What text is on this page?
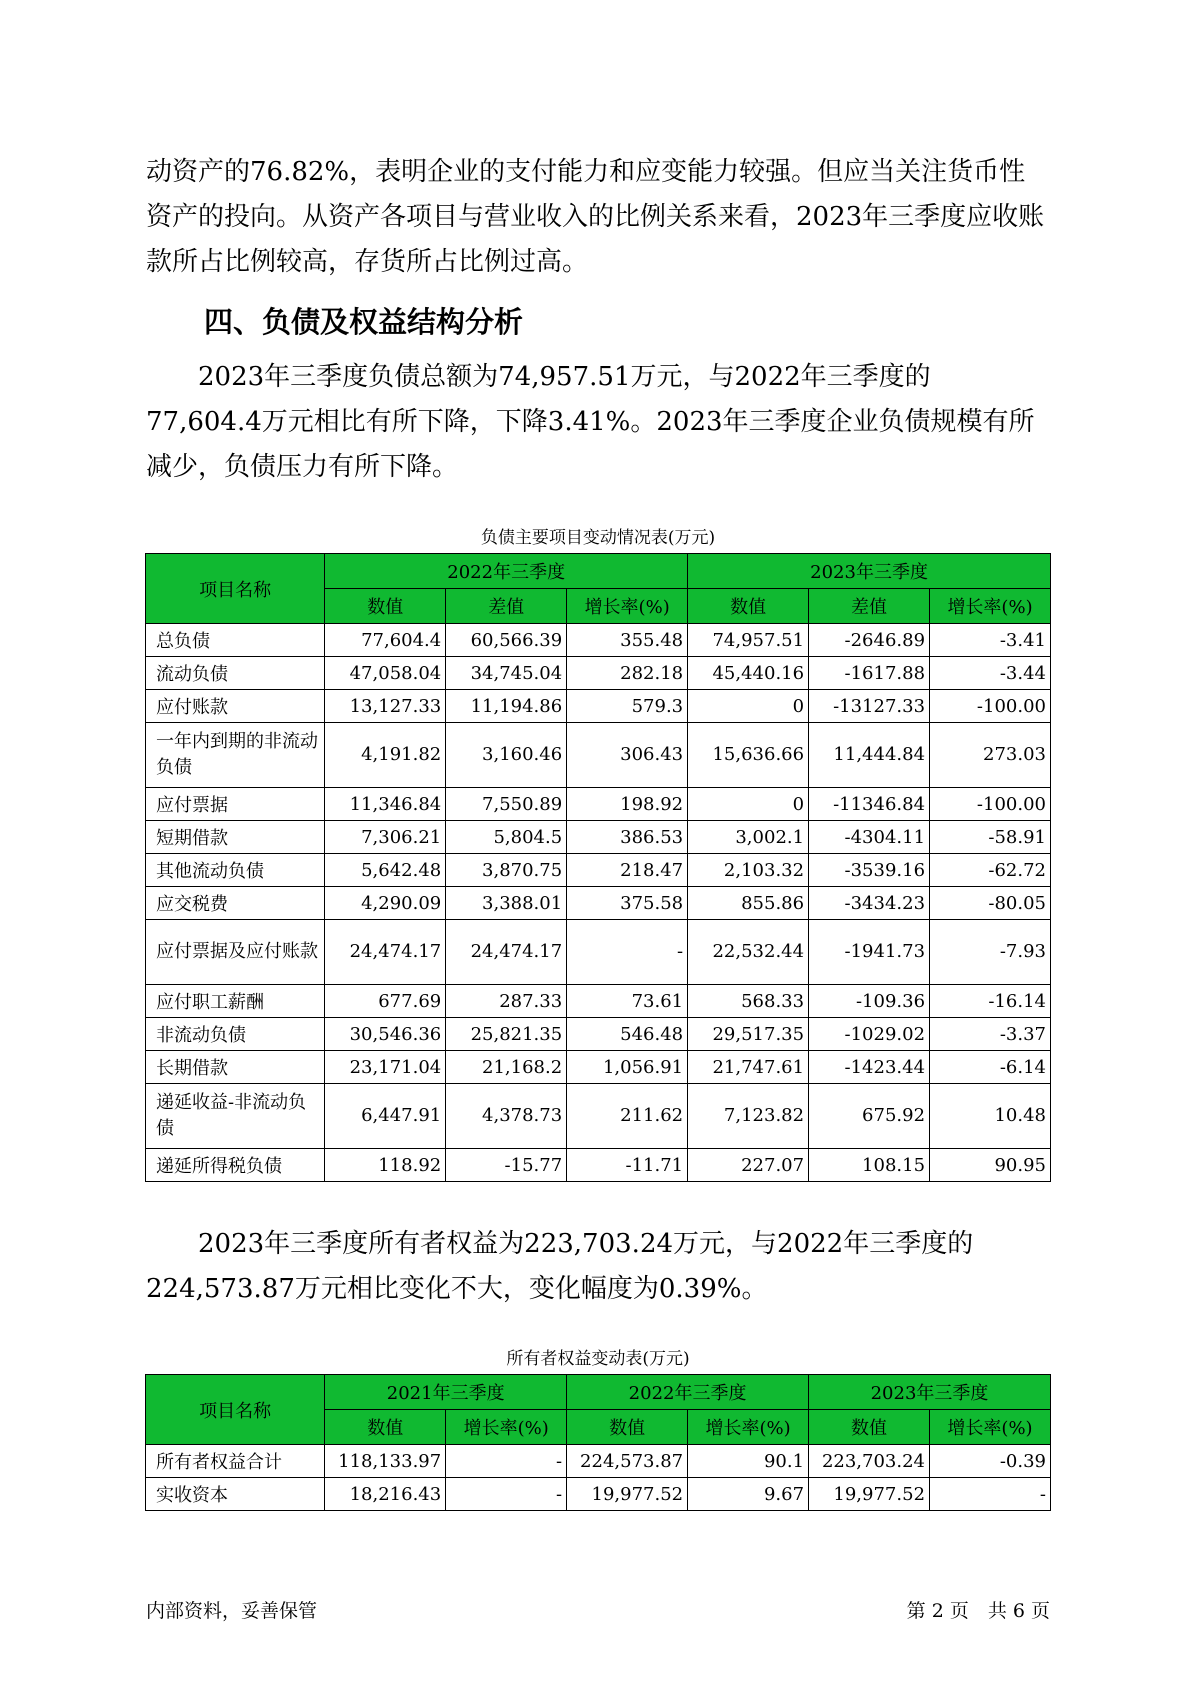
动资产的76.82%，表明企业的支付能力和应变能力较强。但应当关注货币性资产的投向。从资产各项目与营业收入的比例关系来看，2023年三季度应收账款所占比例较高，存货所占比例过高。

四、负债及权益结构分析

2023年三季度负债总额为74,957.51万元，与2022年三季度的77,604.4万元相比有所下降，下降3.41%。2023年三季度企业负债规模有所减少，负债压力有所下降。

负债主要项目变动情况表(万元)
项目名称	2022年三季度			2023年三季度		
	数值	差值	增长率(%)	数值	差值	增长率(%)
总负债	77,604.4	60,566.39	355.48	74,957.51	-2646.89	-3.41
流动负债	47,058.04	34,745.04	282.18	45,440.16	-1617.88	-3.44
应付账款	13,127.33	11,194.86	579.3	0	-13127.33	-100.00
一年内到期的非流动负债	4,191.82	3,160.46	306.43	15,636.66	11,444.84	273.03
应付票据	11,346.84	7,550.89	198.92	0	-11346.84	-100.00
短期借款	7,306.21	5,804.5	386.53	3,002.1	-4304.11	-58.91
其他流动负债	5,642.48	3,870.75	218.47	2,103.32	-3539.16	-62.72
应交税费	4,290.09	3,388.01	375.58	855.86	-3434.23	-80.05
应付票据及应付账款	24,474.17	24,474.17	-	22,532.44	-1941.73	-7.93
应付职工薪酬	677.69	287.33	73.61	568.33	-109.36	-16.14
非流动负债	30,546.36	25,821.35	546.48	29,517.35	-1029.02	-3.37
长期借款	23,171.04	21,168.2	1,056.91	21,747.61	-1423.44	-6.14
递延收益-非流动负债	6,447.91	4,378.73	211.62	7,123.82	675.92	10.48
递延所得税负债	118.92	-15.77	-11.71	227.07	108.15	90.95

2023年三季度所有者权益为223,703.24万元，与2022年三季度的224,573.87万元相比变化不大，变化幅度为0.39%。

所有者权益变动表(万元)
项目名称	2021年三季度		2022年三季度		2023年三季度	
	数值	增长率(%)	数值	增长率(%)	数值	增长率(%)
所有者权益合计	118,133.97	-	224,573.87	90.1	223,703.24	-0.39
实收资本	18,216.43	-	19,977.52	9.67	19,977.52	-
内部资料，妥善保管	第 2 页　共 6 页
